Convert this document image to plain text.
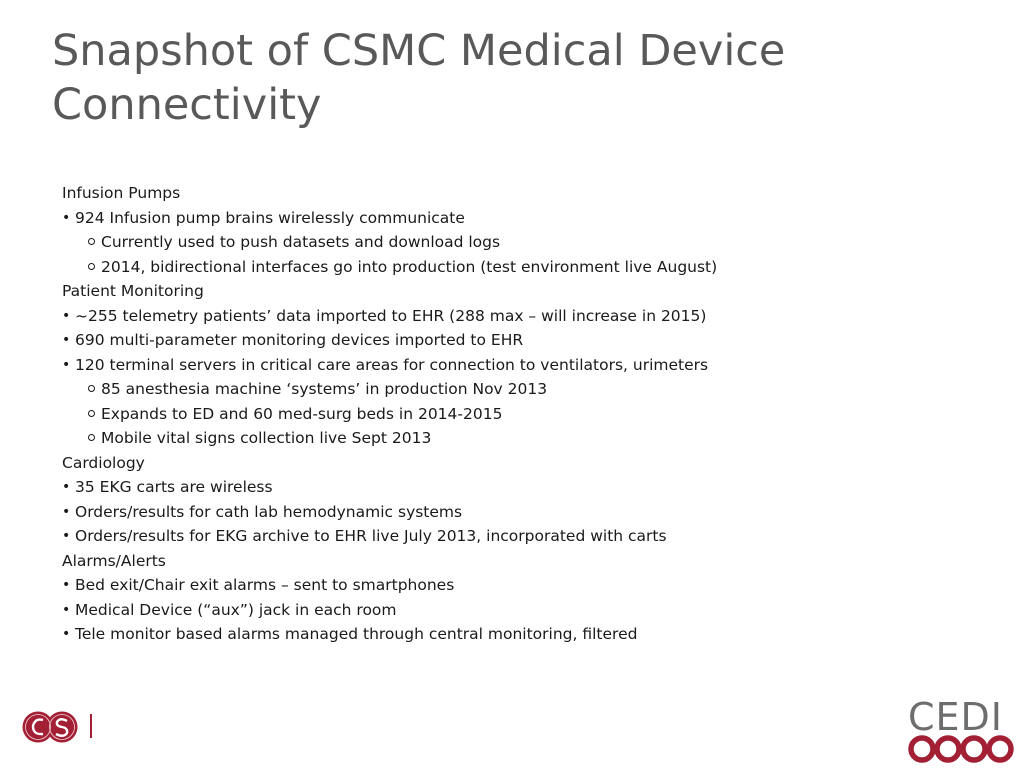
Snapshot of CSMC Medical Device Connectivity
Infusion Pumps
• 924 Infusion pump brains wirelessly communicate
Currently used to push datasets and download logs
2014, bidirectional interfaces go into production (test environment live August)
Patient Monitoring
• ~255 telemetry patients’ data imported to EHR (288 max – will increase in 2015)
• 690 multi-parameter monitoring devices imported to EHR
• 120 terminal servers in critical care areas for connection to ventilators, urimeters
85 anesthesia machine ‘systems’ in production Nov 2013
Expands to ED and 60 med-surg beds in 2014-2015
Mobile vital signs collection live Sept 2013
Cardiology
• 35 EKG carts are wireless
• Orders/results for cath lab hemodynamic systems
• Orders/results for EKG archive to EHR live July 2013, incorporated with carts
Alarms/Alerts
• Bed exit/Chair exit alarms – sent to smartphones
• Medical Device (“aux”) jack in each room
• Tele monitor based alarms managed through central monitoring, filtered
CEDI
